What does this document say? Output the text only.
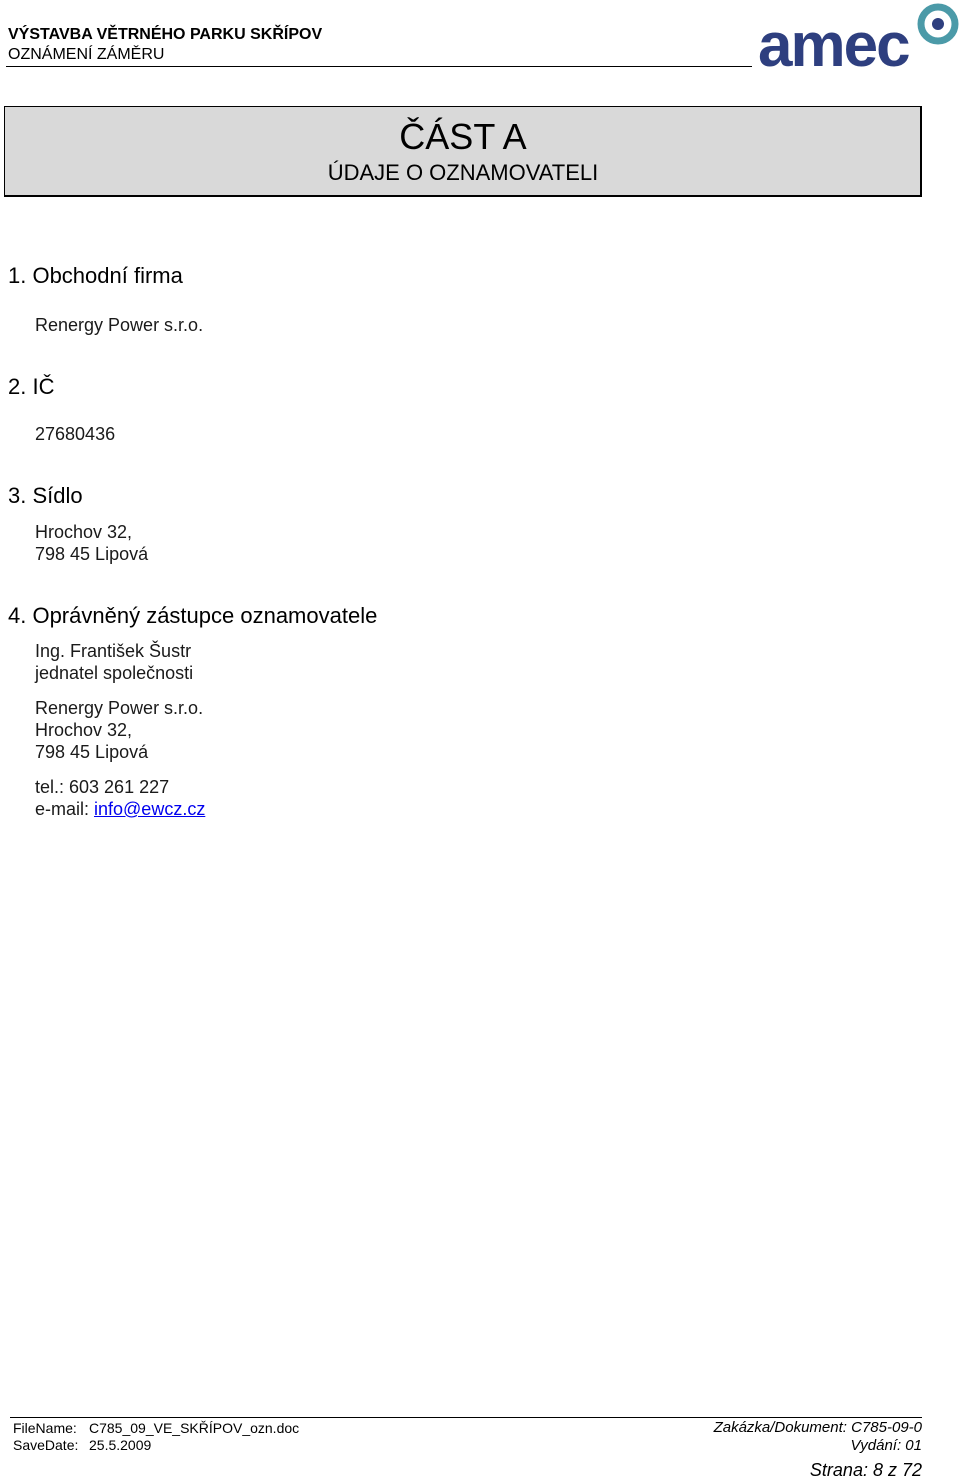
VÝSTAVBA VĚTRNÉHO PARKU SKŘÍPOV
OZNÁMENÍ ZÁMĚRU	amec
ČÁST A
ÚDAJE O OZNAMOVATELI
1. Obchodní firma
Renergy Power s.r.o.
2. IČ
27680436
3. Sídlo
Hrochov 32,
798 45 Lipová
4. Oprávněný zástupce oznamovatele
Ing. František Šustr
jednatel společnosti
Renergy Power s.r.o.
Hrochov 32,
798 45 Lipová
tel.: 603 261 227
e-mail: info@ewcz.cz
FileName: C785_09_VE_SKŘÍPOV_ozn.doc
SaveDate: 25.5.2009
Zakázka/Dokument: C785-09-0
Vydání: 01
Strana: 8 z 72
